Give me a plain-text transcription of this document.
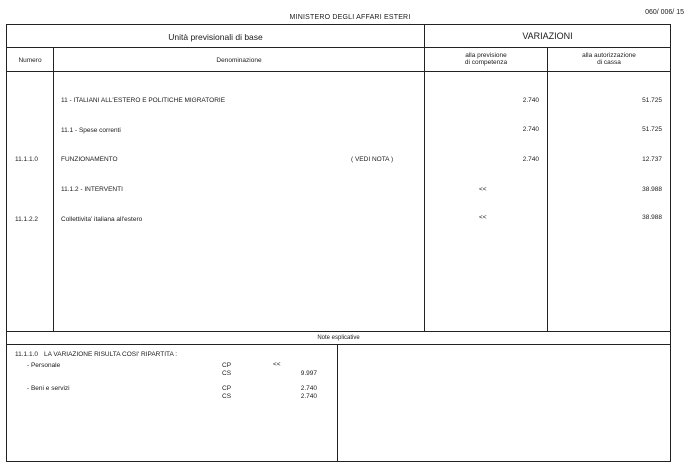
MINISTERO DEGLI AFFARI ESTERI
060/ 006/ 15
Unità previsionali di base	VARIAZIONI
Numero	Denominazione
alla previsione
di competenza
alla autorizzazione
di cassa
11 - ITALIANI ALL'ESTERO E POLITICHE MIGRATORIE	2.740	51.725
11.1 - Spese correnti	2.740	51.725
11.1.1.0	FUNZIONAMENTO	( VEDI NOTA )	2.740	12.737
11.1.2 - INTERVENTI	<<	38.988
11.1.2.2	Collettivita' italiana all'estero	<<	38.988
Note esplicative
11.1.1.0 LA VARIAZIONE RISULTA COSI' RIPARTITA :
- Personale	CP	<<
CS	9.997
- Beni e servizi	CP	2.740
CS	2.740
